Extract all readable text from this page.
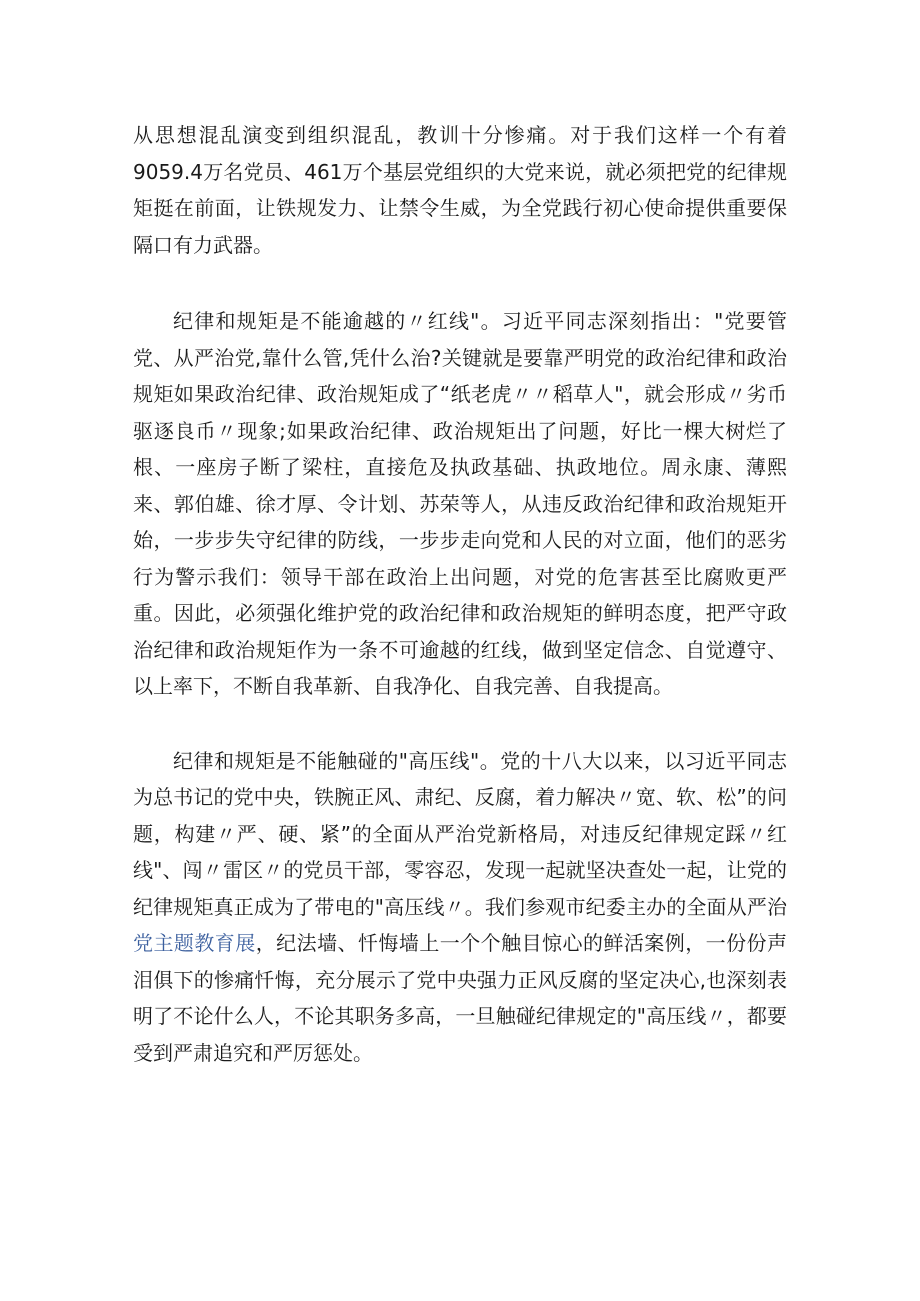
从思想混乱演变到组织混乱，教训十分惨痛。对于我们这样一个有着9059.4万名党员、461万个基层党组织的大党来说，就必须把党的纪律规矩挺在前面，让铁规发力、让禁令生威，为全党践行初心使命提供重要保隔口有力武器。

纪律和规矩是不能逾越的〃红线"。习近平同志深刻指出："党要管党、从严治党,靠什么管,凭什么治?关键就是要靠严明党的政治纪律和政治规矩如果政治纪律、政治规矩成了“纸老虎〃〃稻草人"，就会形成〃劣币驱逐良币〃现象;如果政治纪律、政治规矩出了问题，好比一棵大树烂了根、一座房子断了梁柱，直接危及执政基础、执政地位。周永康、薄熙来、郭伯雄、徐才厚、令计划、苏荣等人，从违反政治纪律和政治规矩开始，一步步失守纪律的防线，一步步走向党和人民的对立面，他们的恶劣行为警示我们：领导干部在政治上出问题，对党的危害甚至比腐败更严重。因此，必须强化维护党的政治纪律和政治规矩的鲜明态度，把严守政治纪律和政治规矩作为一条不可逾越的红线，做到坚定信念、自觉遵守、以上率下，不断自我革新、自我净化、自我完善、自我提高。

纪律和规矩是不能触碰的"高压线"。党的十八大以来，以习近平同志为总书记的党中央，铁腕正风、肃纪、反腐，着力解决〃宽、软、松”的问题，构建〃严、硬、紧”的全面从严治党新格局，对违反纪律规定踩〃红线"、闯〃雷区〃的党员干部，零容忍，发现一起就坚决查处一起，让党的纪律规矩真正成为了带电的"高压线〃。我们参观市纪委主办的全面从严治党主题教育展，纪法墙、忏悔墙上一个个触目惊心的鲜活案例，一份份声泪俱下的惨痛忏悔，充分展示了党中央强力正风反腐的坚定决心,也深刻表明了不论什么人，不论其职务多高，一旦触碰纪律规定的"高压线〃，都要受到严肃追究和严厉惩处。
